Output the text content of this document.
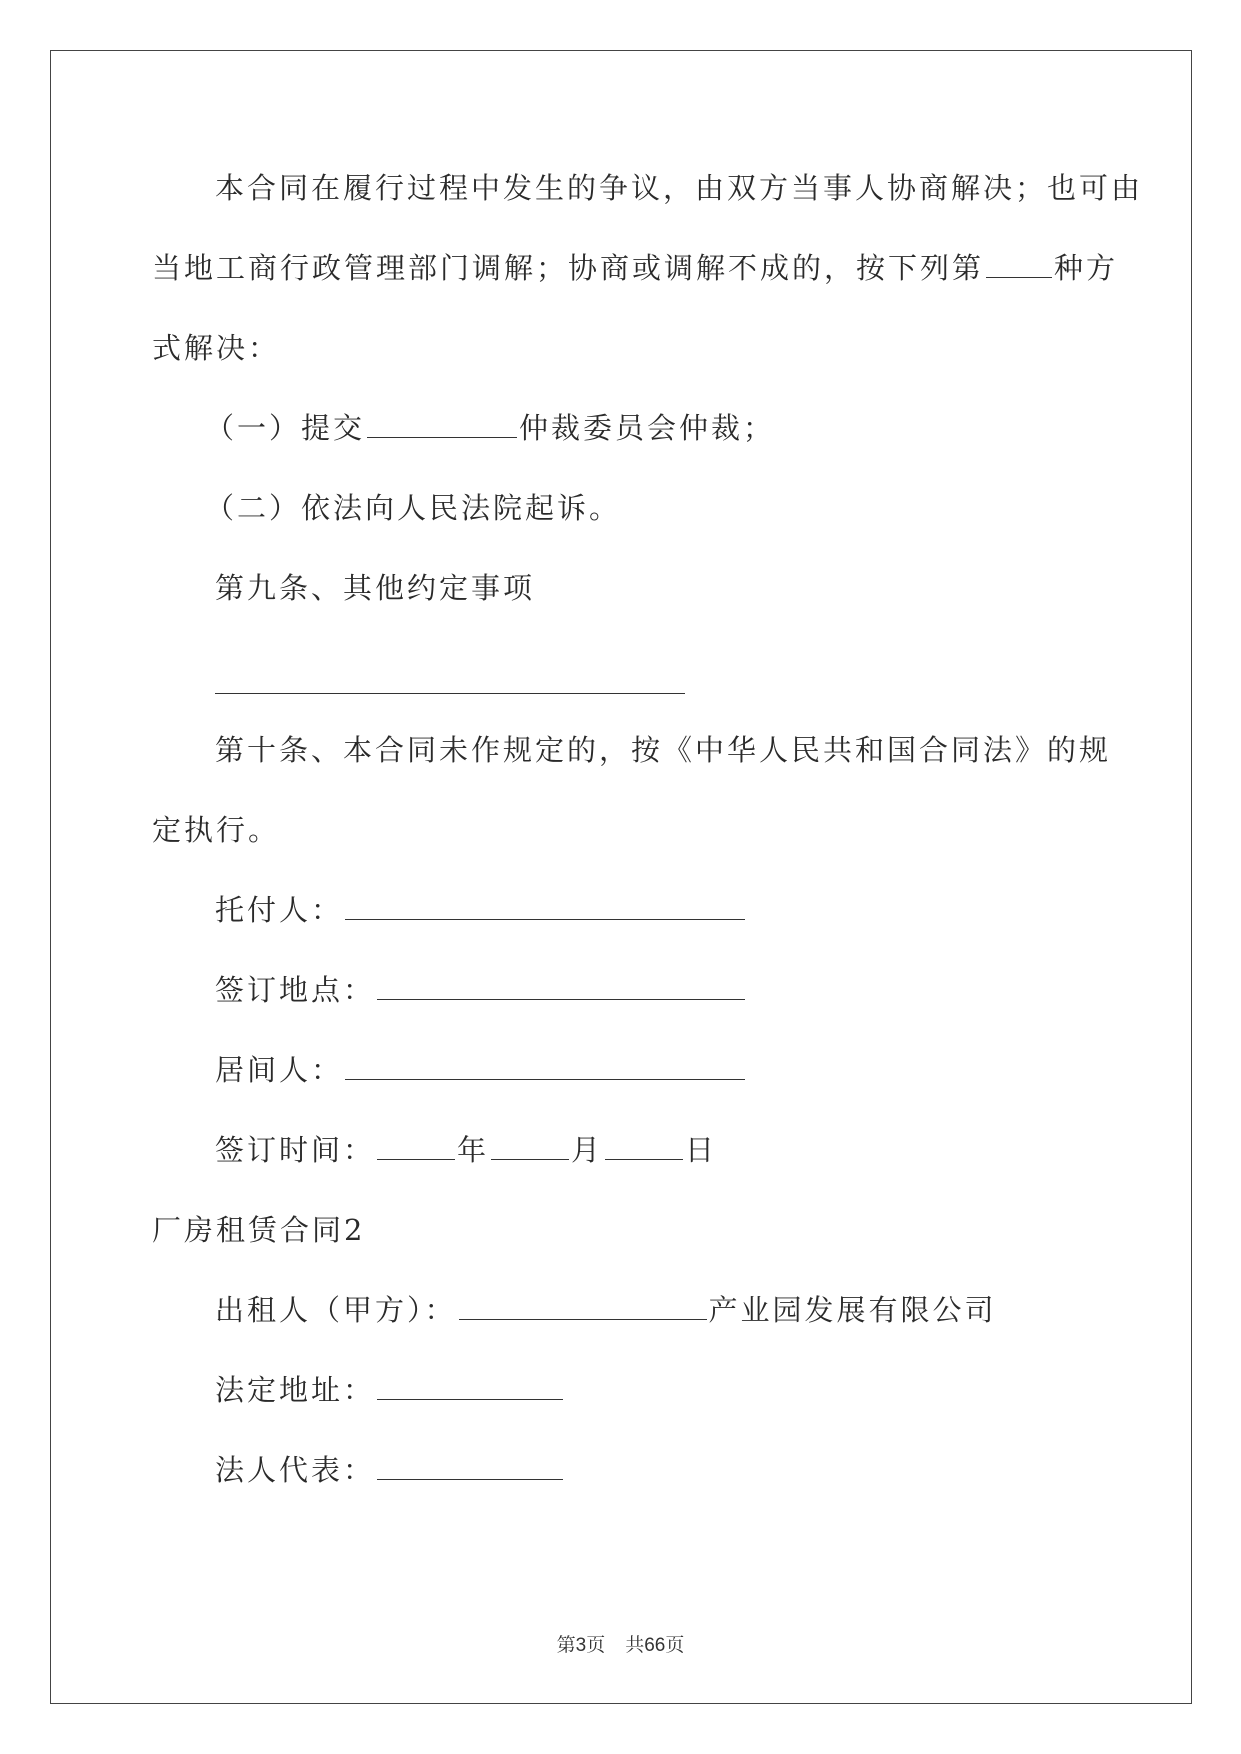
本合同在履行过程中发生的争议，由双方当事人协商解决；也可由
当地工商行政管理部门调解；协商或调解不成的，按下列第 种方
式解决：
（一）提交	仲裁委员会仲裁；
（二）依法向人民法院起诉。
第九条、其他约定事项
第十条、本合同未作规定的，按《中华人民共和国合同法》的规
定执行。
托付人：
签订地点：
居间人：
签订时间：	年	月	日
厂房租赁合同2
出租人（甲方）：	产业园发展有限公司
法定地址：
法人代表：
第3页 共66页
